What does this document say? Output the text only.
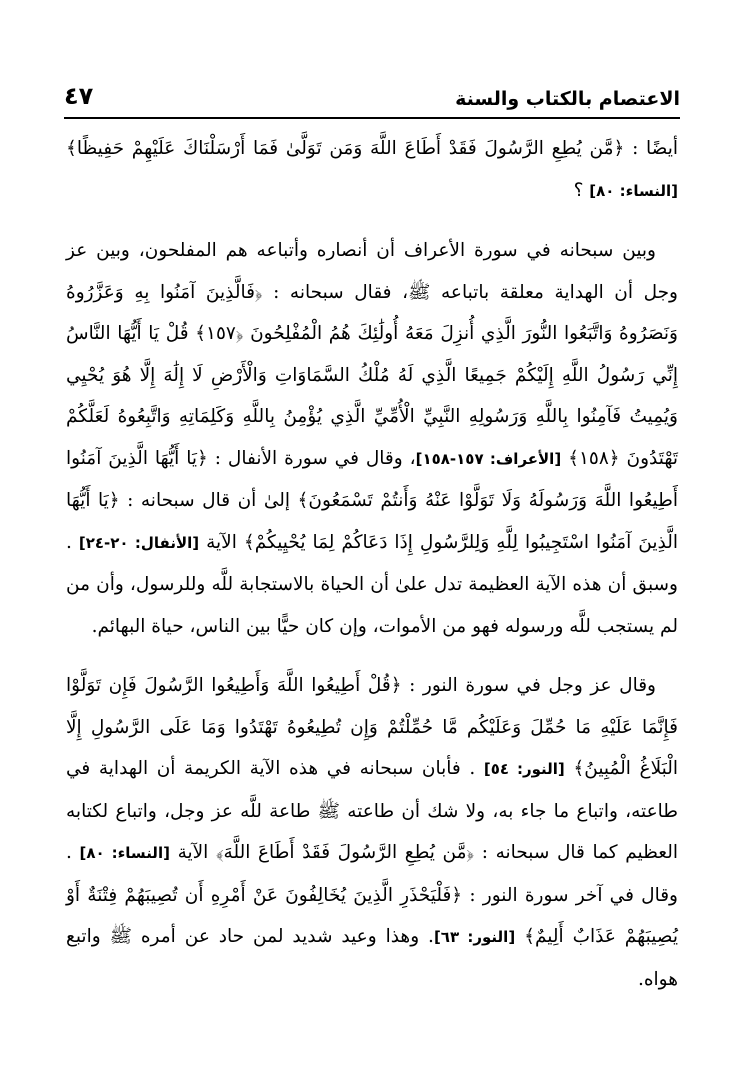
الاعتصام بالكتاب والسنة
٤٧

أيضًا : ﴿مَّن يُطِعِ الرَّسُولَ فَقَدْ أَطَاعَ اللَّهَ وَمَن تَوَلَّىٰ فَمَا أَرْسَلْنَاكَ عَلَيْهِمْ حَفِيظًا﴾ [النساء: ٨٠] ؟

وبين سبحانه في سورة الأعراف أن أنصاره وأتباعه هم المفلحون، وبين عز وجل أن الهداية معلقة باتباعه ﷺ، فقال سبحانه : ﴿فَالَّذِينَ آمَنُوا بِهِ وَعَزَّرُوهُ وَنَصَرُوهُ وَاتَّبَعُوا النُّورَ الَّذِي أُنزِلَ مَعَهُ أُولَٰئِكَ هُمُ الْمُفْلِحُونَ ﴿١٥٧﴾ قُلْ يَا أَيُّهَا النَّاسُ إِنِّي رَسُولُ اللَّهِ إِلَيْكُمْ جَمِيعًا الَّذِي لَهُ مُلْكُ السَّمَاوَاتِ وَالْأَرْضِ لَا إِلَٰهَ إِلَّا هُوَ يُحْيِي وَيُمِيتُ فَآمِنُوا بِاللَّهِ وَرَسُولِهِ النَّبِيِّ الْأُمِّيِّ الَّذِي يُؤْمِنُ بِاللَّهِ وَكَلِمَاتِهِ وَاتَّبِعُوهُ لَعَلَّكُمْ تَهْتَدُونَ ﴿١٥٨﴾ [الأعراف: ١٥٧-١٥٨]، وقال في سورة الأنفال : ﴿يَا أَيُّهَا الَّذِينَ آمَنُوا أَطِيعُوا اللَّهَ وَرَسُولَهُ وَلَا تَوَلَّوْا عَنْهُ وَأَنتُمْ تَسْمَعُونَ﴾ إلىٰ أن قال سبحانه : ﴿يَا أَيُّهَا الَّذِينَ آمَنُوا اسْتَجِيبُوا لِلَّهِ وَلِلرَّسُولِ إِذَا دَعَاكُمْ لِمَا يُحْيِيكُمْ﴾ الآية [الأنفال: ٢٠-٢٤] . وسبق أن هذه الآية العظيمة تدل علىٰ أن الحياة بالاستجابة للَّه وللرسول، وأن من لم يستجب للَّه ورسوله فهو من الأموات، وإن كان حيًّا بين الناس، حياة البهائم.

وقال عز وجل في سورة النور : ﴿قُلْ أَطِيعُوا اللَّهَ وَأَطِيعُوا الرَّسُولَ فَإِن تَوَلَّوْا فَإِنَّمَا عَلَيْهِ مَا حُمِّلَ وَعَلَيْكُم مَّا حُمِّلْتُمْ وَإِن تُطِيعُوهُ تَهْتَدُوا وَمَا عَلَى الرَّسُولِ إِلَّا الْبَلَاغُ الْمُبِينُ﴾ [النور: ٥٤] . فأبان سبحانه في هذه الآية الكريمة أن الهداية في طاعته، واتباع ما جاء به، ولا شك أن طاعته ﷺ طاعة للَّه عز وجل، واتباع لكتابه العظيم كما قال سبحانه : ﴿مَّن يُطِعِ الرَّسُولَ فَقَدْ أَطَاعَ اللَّهَ﴾ الآية [النساء: ٨٠] . وقال في آخر سورة النور : ﴿فَلْيَحْذَرِ الَّذِينَ يُخَالِفُونَ عَنْ أَمْرِهِ أَن تُصِيبَهُمْ فِتْنَةٌ أَوْ يُصِيبَهُمْ عَذَابٌ أَلِيمٌ﴾ [النور: ٦٣]. وهذا وعيد شديد لمن حاد عن أمره ﷺ واتبع هواه.
